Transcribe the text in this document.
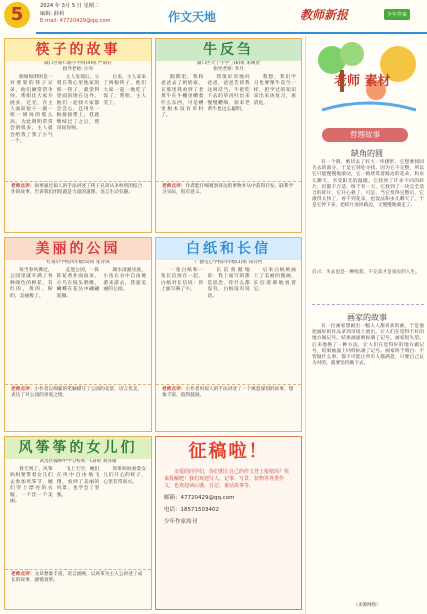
5	2024 年 3月 5 日 星期二
编辑: 薛莉
E-mail: 47720429@qq.com	作文天地	教师新报	少年作家
筷子的故事
碛口区新仁路小学四(4)班 严雨轩
指导老师: 汪岑
姐姐和明明是一对要架的筷子兄弟，他们俩常常争吵。帮姐比大家开展多，过光，在主人面前抢干一副一姐一姐说的那么高，为此明明常常会情很多，主人就会给我了我了小气一个。
主人发现后，立刻在我心里他家的那一筷子，就觉得里面的情在这外，他们一起找大家都会会心，还用另一根接接帮上，我就继续过了之后，帮哥说你啦。
后来，主人拿来了两根筷子，他们大家一起一地吃了饭了，帮姐，主人笑了。
老师点评：故事通过拟人的手法讲述了筷子兄弟从争吵到团结合作的故事，告诉我们团结就是力量的道理，语言生动有趣。
牛反刍
碛口区大宁小学三(6)班 朱晴萱
指导老师: 李月
假期里，我和爸爸去了奶奶家，在那里我看到了老黄牛在牛棚里嚼着什么东西，可是槽里根本没有草料了。
我很好奇地问爸爸，爸爸告诉我这叫反刍，牛把吃下去的草再吐出来慢慢嚼细，原来老黄牛也这么聪明。
我想，我们学习也要像牛反刍一样，把学过的知识拿出来再复习，再消化。
老师点评：作者能仔细观察身边的事物并从中获得启发，联系学习实际，很有意义。
美丽的公园
红领巾学校四年级(5)班 张诗琪
每当春风拂过，公园里就开满了各种颜色的鲜花，有红的，黄的，粉的，美丽极了。
走进公园，一阵阵花香扑面而来，小鸟在枝头唱歌，蝴蝶在花丛中翩翩起舞。
湖水清澈见底，小鱼在水中自由地游来游去，我爱美丽的公园。
老师点评：小作者以细腻的笔触描写了公园的美景，语言优美，表达了对公园的喜爱之情。
白纸和长信
广德屯心学校四年级(1)班 钱诗哲
一张白纸和一张长信放在一起，白纸对长信说：你上面写满了字。
长信骄傲地说：我上面写的都是思念，你什么都没有，白纸没有说话。
后来白纸被画上了美丽的图画，长信羡慕地看着它。
老师点评：小作者用拟人的手法讲述了一个寓意深刻的故事，想象丰富，值得鼓励。
风筝筝的女儿们
武昌区翰林中学分校初一(3)班 刘泽瑜
春天到了，风筝妈妈要带着女儿们去参加风筝节，她们穿上漂亮的衣服，一个比一个美丽。
飞上天空，她们在风中自由地飞翔，看到了美丽的风景，也学会了坚强。
风筝妈妈看着女儿们开心的样子，心里非常高兴。
老师点评：文章想象丰富，语言流畅，以风筝为主人公讲述了成长的故事，感情真挚。
征稿啦！
亲爱的同学们，你们想让自己的作文登上报纸吗？快来投稿吧！我们欢迎写人、记事、写景、状物等各类作文，也欢迎读后感、日记、童话故事等。
邮箱：47720429@qq.com
电话：18571503402
少年作家周刊
老师 素材
哲理故事
缺角的圆
有一个圆，被切去了好大一块楔形，它想要找回失去的部分，于是它到处寻找。因为它不完整，所以它只能慢慢地滚动，它一路欣赏着路边的花朵，和虫儿聊天，享受阳光的温暖。它找到了许多不同的碎片，但都不合适。终于有一天，它找到了一块完全适合的碎片，它开心极了。可是，当它变得完整后，它滚得太快了，看不到花朵，也没法和虫儿聊天了。于是它停下来，把碎片放回路边，又慢慢地滚走了。
启示：失去也是一种收获，不完美才是真实的人生。
画家的故事
有一位画家想画出一幅人人都喜欢的画，于是他把画好的作品拿到市场上展出，让人们在觉得不好的地方做记号。结果画面被标满了记号。画家很失望。后来他换了一种方法，让人们在觉得好的地方做记号，结果画面上同样标满了记号。画家终于明白：不管做什么事，都不可能让所有人都满意，只要自己认为对的，就要坚持做下去。
（来源网络）
